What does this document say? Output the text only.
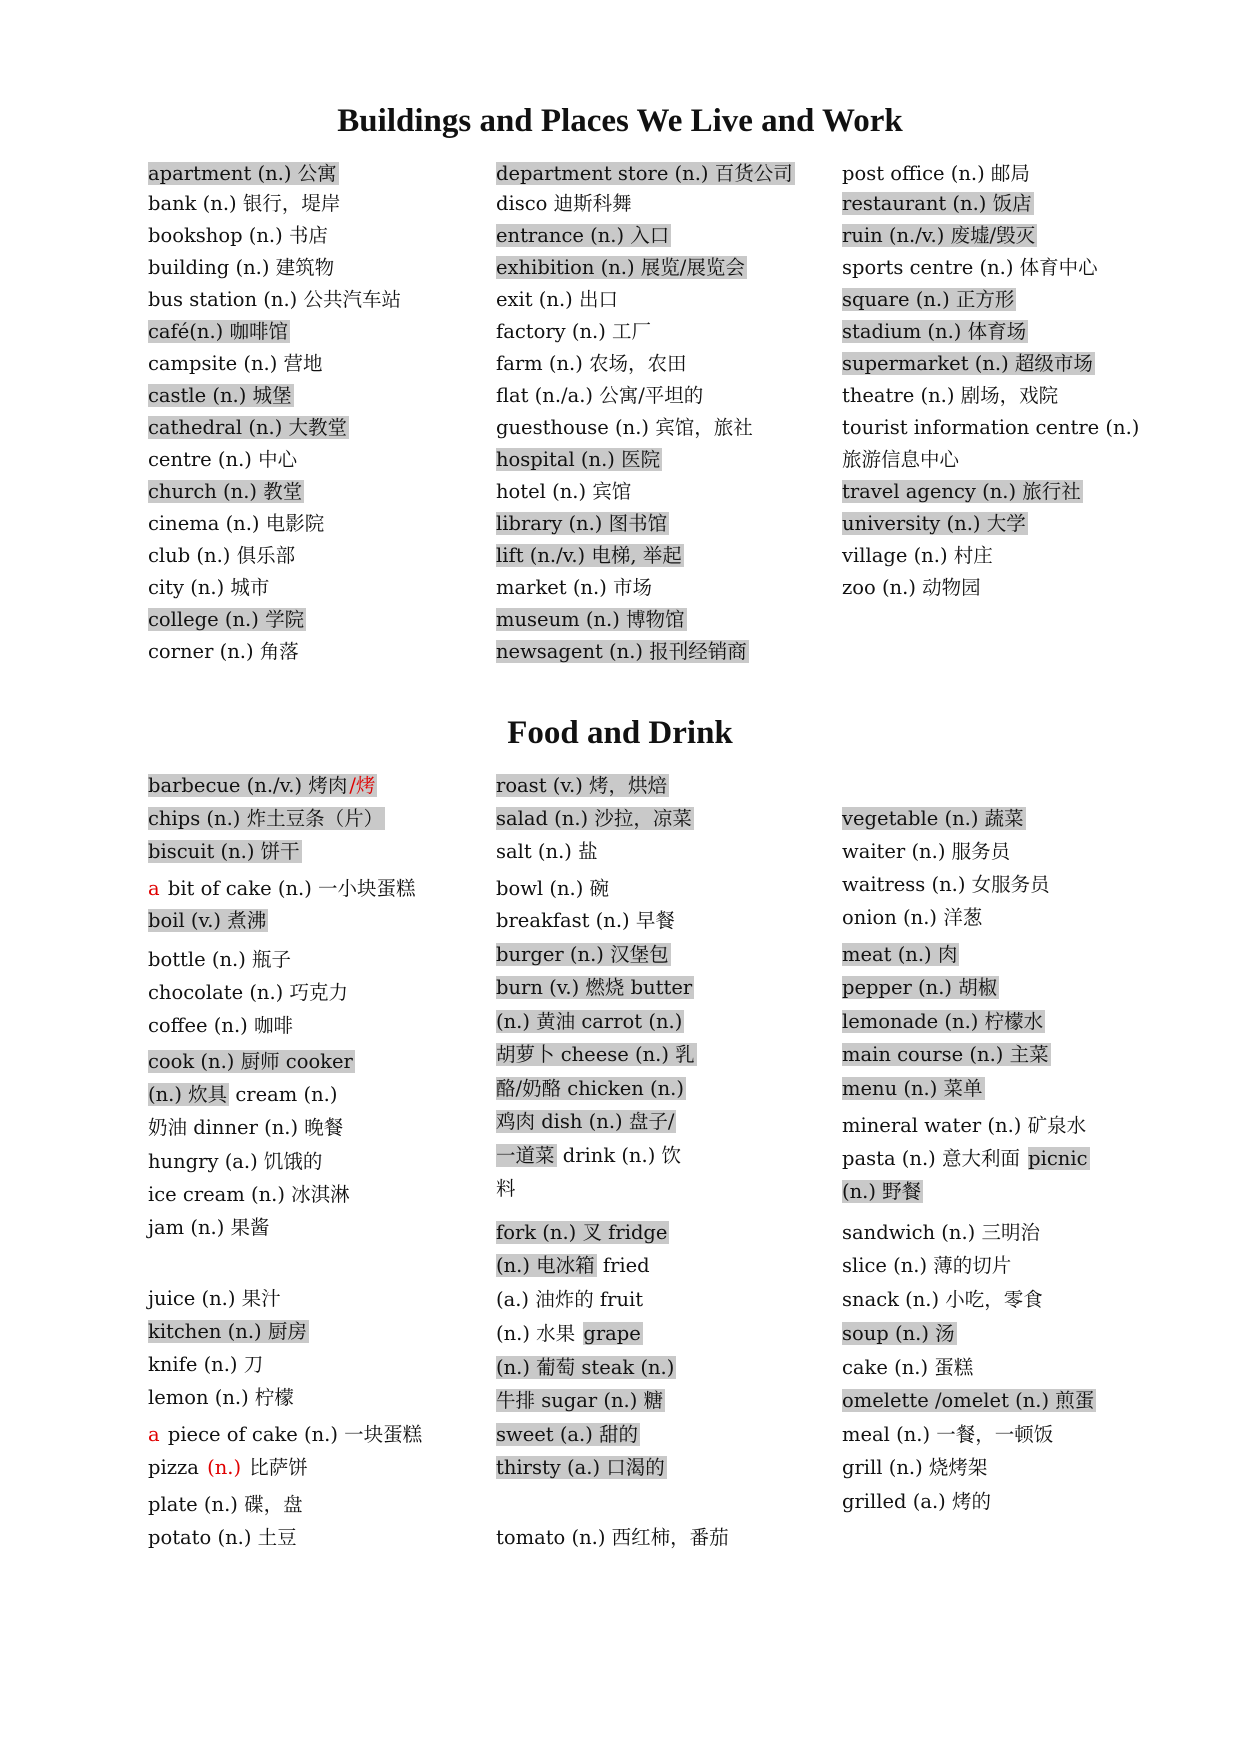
Buildings and Places We Live and Work
apartment (n.) 公寓
bank (n.) 银行，堤岸
bookshop (n.) 书店
building (n.) 建筑物
bus station (n.) 公共汽车站
café(n.) 咖啡馆
campsite (n.) 营地
castle (n.) 城堡
cathedral (n.) 大教堂
centre (n.) 中心
church (n.) 教堂
cinema (n.) 电影院
club (n.) 俱乐部
city (n.) 城市
college (n.) 学院
corner (n.) 角落
department store (n.) 百货公司
disco 迪斯科舞
entrance (n.) 入口
exhibition (n.) 展览/展览会
exit (n.) 出口
factory (n.) 工厂
farm (n.) 农场，农田
flat (n./a.) 公寓/平坦的
guesthouse (n.) 宾馆，旅社
hospital (n.) 医院
hotel (n.) 宾馆
library (n.) 图书馆
lift (n./v.) 电梯, 举起
market (n.) 市场
museum (n.) 博物馆
newsagent (n.) 报刊经销商
post office (n.) 邮局
restaurant (n.) 饭店
ruin (n./v.) 废墟/毁灭
sports centre (n.) 体育中心
square (n.) 正方形
stadium (n.) 体育场
supermarket (n.) 超级市场
theatre (n.) 剧场，戏院
tourist information centre (n.)
旅游信息中心
travel agency (n.) 旅行社
university (n.) 大学
village (n.) 村庄
zoo (n.) 动物园
Food and Drink
barbecue (n./v.) 烤肉 /烤
chips (n.) 炸土豆条（片）
biscuit (n.) 饼干
a bit of cake (n.) 一小块蛋糕
boil (v.) 煮沸
bottle (n.) 瓶子
chocolate (n.) 巧克力
coffee (n.) 咖啡
cook (n.) 厨师 cooker
(n.) 炊具 cream (n.)
奶油 dinner (n.) 晚餐
hungry (a.) 饥饿的
ice cream (n.) 冰淇淋
jam (n.) 果酱
juice (n.) 果汁
kitchen (n.) 厨房
knife (n.) 刀
lemon (n.) 柠檬
a piece of cake (n.) 一块蛋糕
pizza (n.) 比萨饼
plate (n.) 碟，盘
potato (n.) 土豆
roast (v.) 烤，烘焙
salad (n.) 沙拉，凉菜
salt (n.) 盐
bowl (n.) 碗
breakfast (n.) 早餐
burger (n.) 汉堡包
burn (v.) 燃烧 butter
(n.) 黄油 carrot (n.)
胡萝卜 cheese (n.) 乳
酪/奶酪 chicken (n.)
鸡肉 dish (n.) 盘子/
一道菜 drink (n.) 饮
料
fork (n.) 叉 fridge
(n.) 电冰箱 fried
(a.) 油炸的 fruit
(n.) 水果 grape
(n.) 葡萄 steak (n.)
牛排 sugar (n.) 糖
sweet (a.) 甜的
thirsty (a.) 口渴的
tomato (n.) 西红柿，番茄
vegetable (n.) 蔬菜
waiter (n.) 服务员
waitress (n.) 女服务员
onion (n.) 洋葱
meat (n.) 肉
pepper (n.) 胡椒
lemonade (n.) 柠檬水
main course (n.) 主菜
menu (n.) 菜单
mineral water (n.) 矿泉水
pasta (n.) 意大利面 picnic
(n.) 野餐
sandwich (n.) 三明治
slice (n.) 薄的切片
snack (n.) 小吃，零食
soup (n.) 汤
cake (n.) 蛋糕
omelette /omelet (n.) 煎蛋
meal (n.) 一餐，一顿饭
grill (n.) 烧烤架
grilled (a.) 烤的
